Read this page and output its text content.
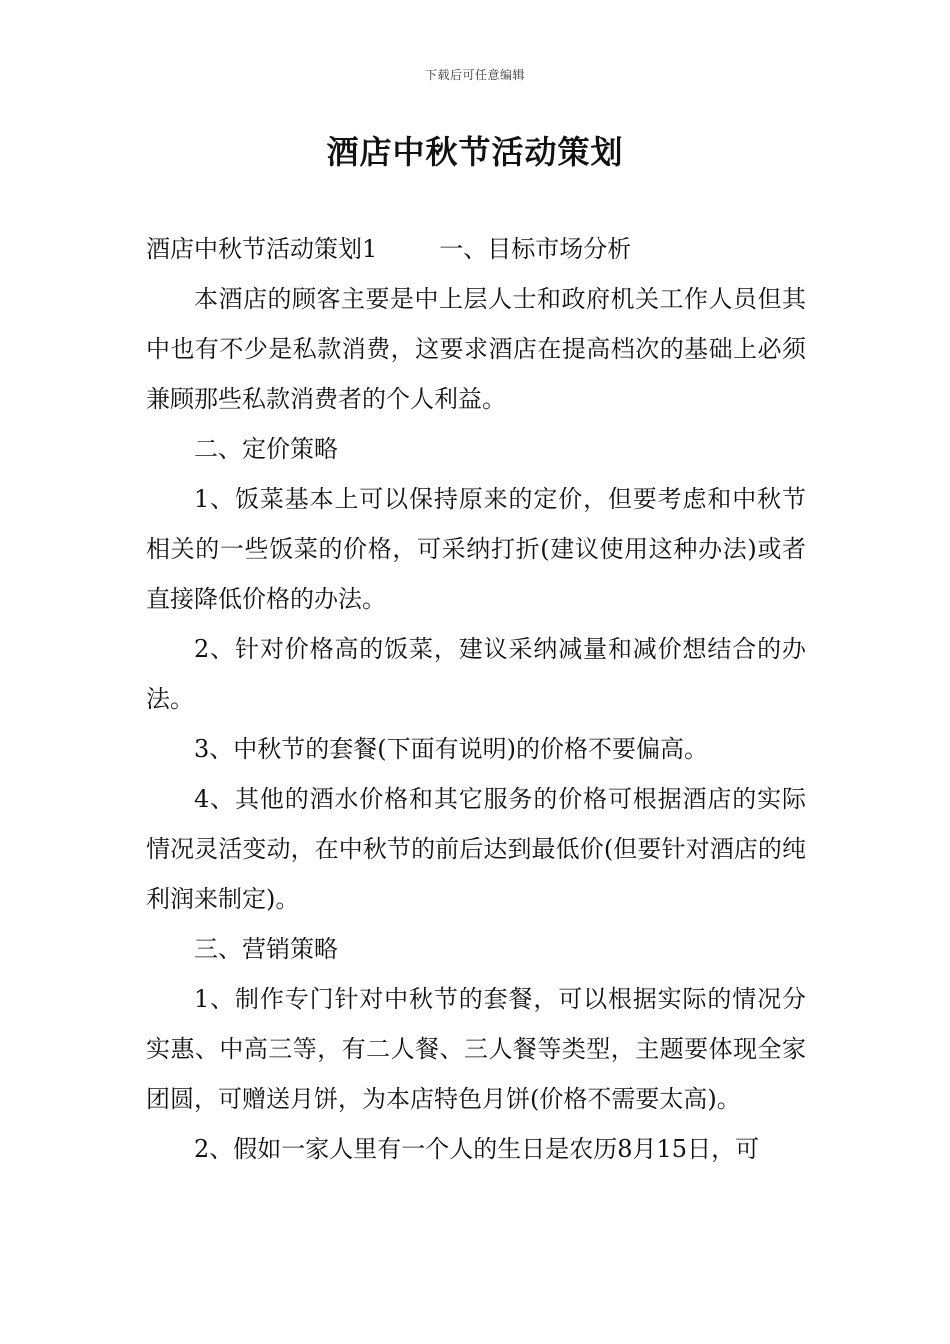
下载后可任意编辑
酒店中秋节活动策划

酒店中秋节活动策划1	一、目标市场分析

本酒店的顾客主要是中上层人士和政府机关工作人员但其中也有不少是私款消费，这要求酒店在提高档次的基础上必须兼顾那些私款消费者的个人利益。

二、定价策略

1、饭菜基本上可以保持原来的定价，但要考虑和中秋节相关的一些饭菜的价格，可采纳打折(建议使用这种办法)或者直接降低价格的办法。

2、针对价格高的饭菜，建议采纳减量和减价想结合的办法。

3、中秋节的套餐(下面有说明)的价格不要偏高。

4、其他的酒水价格和其它服务的价格可根据酒店的实际情况灵活变动，在中秋节的前后达到最低价(但要针对酒店的纯利润来制定)。

三、营销策略

1、制作专门针对中秋节的套餐，可以根据实际的情况分实惠、中高三等，有二人餐、三人餐等类型，主题要体现全家团圆，可赠送月饼，为本店特色月饼(价格不需要太高)。

2、假如一家人里有一个人的生日是农历8月15日，可
